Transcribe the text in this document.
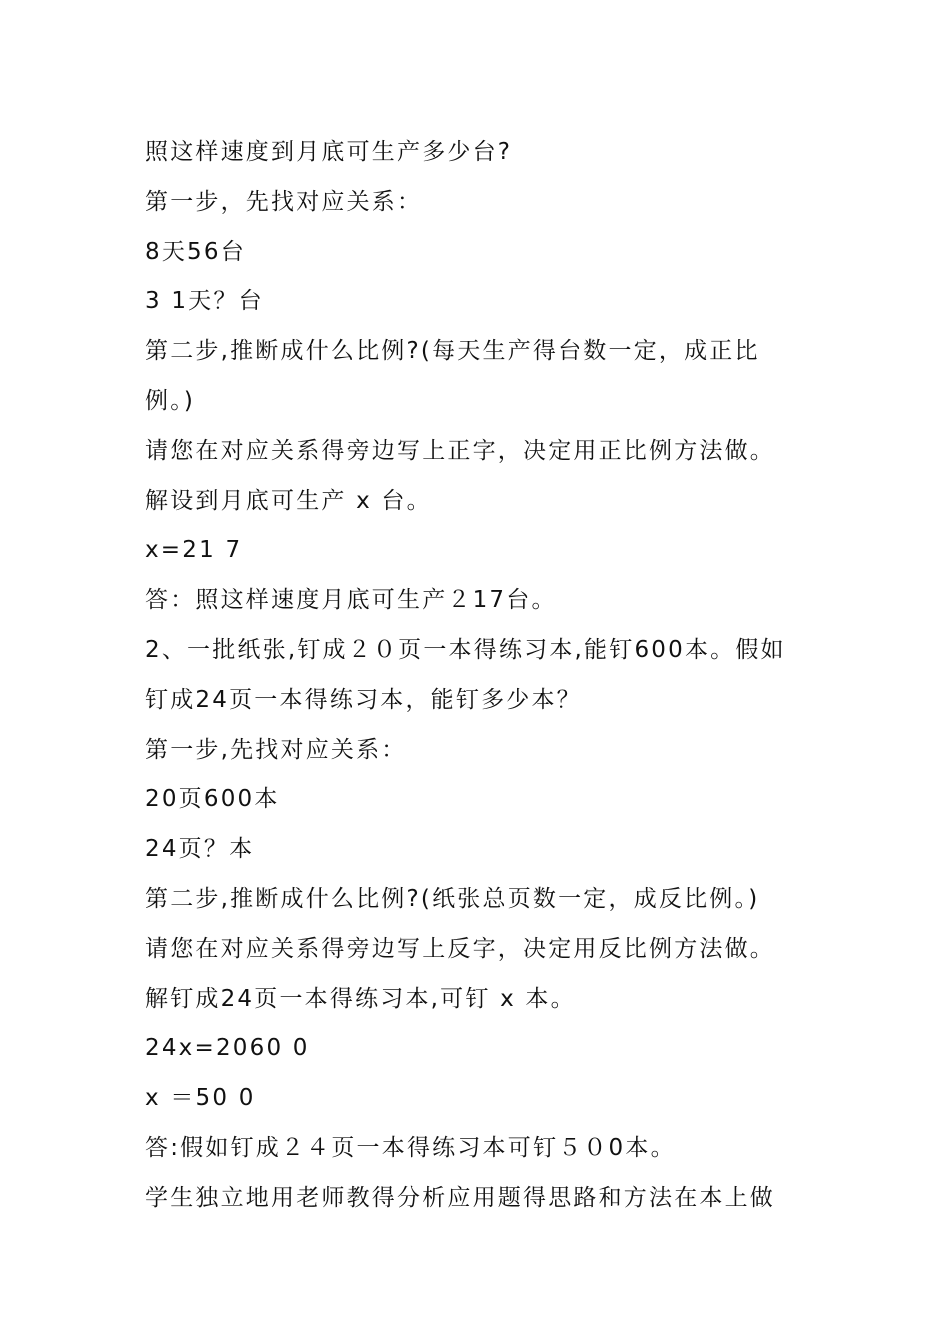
照这样速度到月底可生产多少台?
第一步，先找对应关系：
8天56台
3 1天？台
第二步,推断成什么比例?(每天生产得台数一定，成正比
例。)
请您在对应关系得旁边写上正字，决定用正比例方法做。
解设到月底可生产 x 台。
x=21 7
答：照这样速度月底可生产２17台。
2、一批纸张,钉成２０页一本得练习本,能钉600本。假如
钉成24页一本得练习本，能钉多少本？
第一步,先找对应关系：
20页600本
24页？本
第二步,推断成什么比例?(纸张总页数一定，成反比例。)
请您在对应关系得旁边写上反字，决定用反比例方法做。
解钉成24页一本得练习本,可钉 x 本。
24x=2060 0
x ＝50 0
答:假如钉成２４页一本得练习本可钉５０0本。
学生独立地用老师教得分析应用题得思路和方法在本上做
